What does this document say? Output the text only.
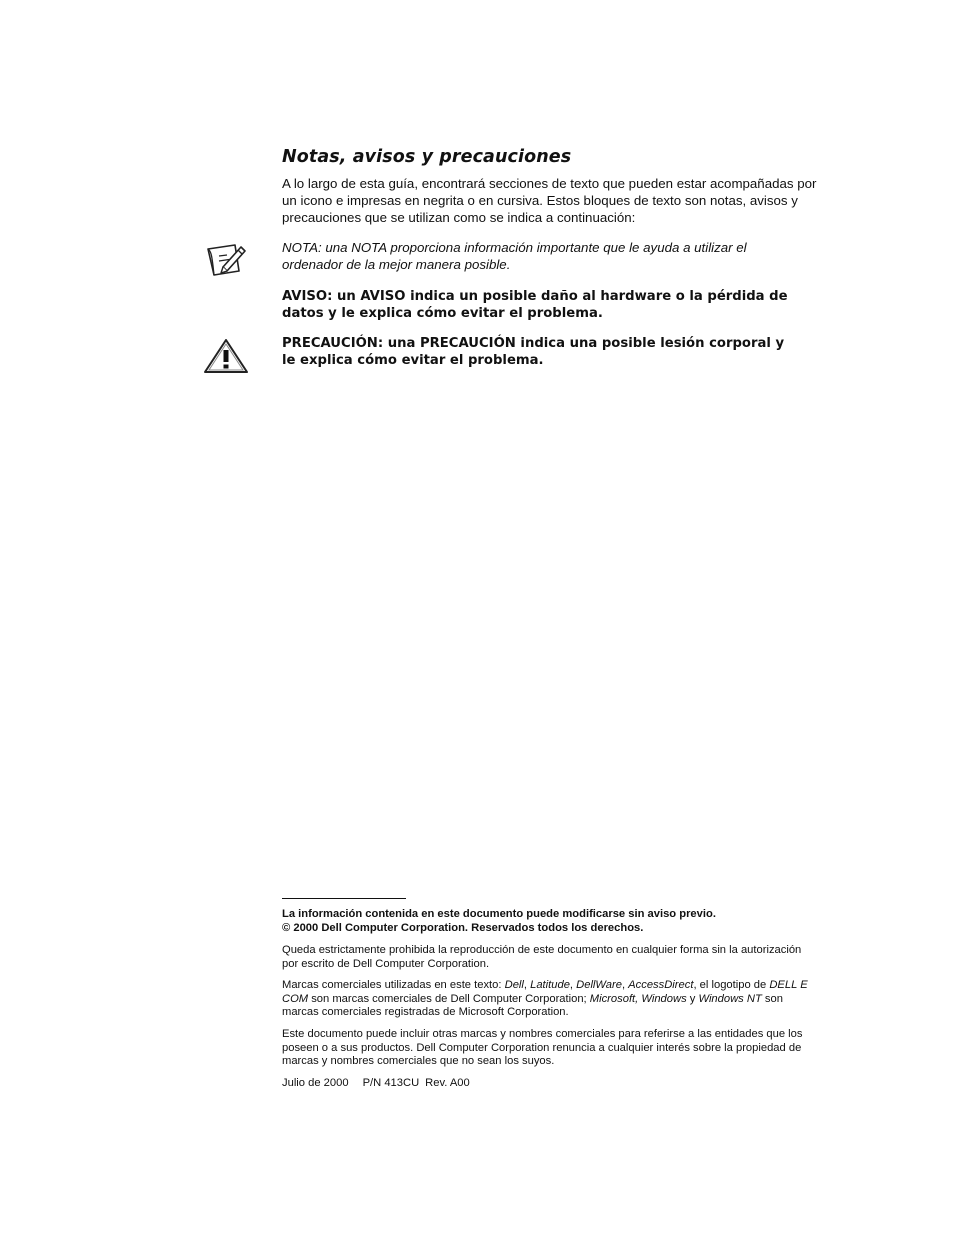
Notas, avisos y precauciones

A lo largo de esta guía, encontrará secciones de texto que pueden estar acompañadas por un icono e impresas en negrita o en cursiva. Estos bloques de texto son notas, avisos y precauciones que se utilizan como se indica a continuación:

NOTA: una NOTA proporciona información importante que le ayuda a utilizar el ordenador de la mejor manera posible.

AVISO: un AVISO indica un posible daño al hardware o la pérdida de datos y le explica cómo evitar el problema.

PRECAUCIÓN: una PRECAUCIÓN indica una posible lesión corporal y le explica cómo evitar el problema.

La información contenida en este documento puede modificarse sin aviso previo.
© 2000 Dell Computer Corporation. Reservados todos los derechos.

Queda estrictamente prohibida la reproducción de este documento en cualquier forma sin la autorización por escrito de Dell Computer Corporation.

Marcas comerciales utilizadas en este texto: Dell, Latitude, DellWare, AccessDirect, el logotipo de DELL E COM son marcas comerciales de Dell Computer Corporation; Microsoft, Windows y Windows NT son marcas comerciales registradas de Microsoft Corporation.

Este documento puede incluir otras marcas y nombres comerciales para referirse a las entidades que los poseen o a sus productos. Dell Computer Corporation renuncia a cualquier interés sobre la propiedad de marcas y nombres comerciales que no sean los suyos.

Julio de 2000 P/N 413CU Rev. A00
